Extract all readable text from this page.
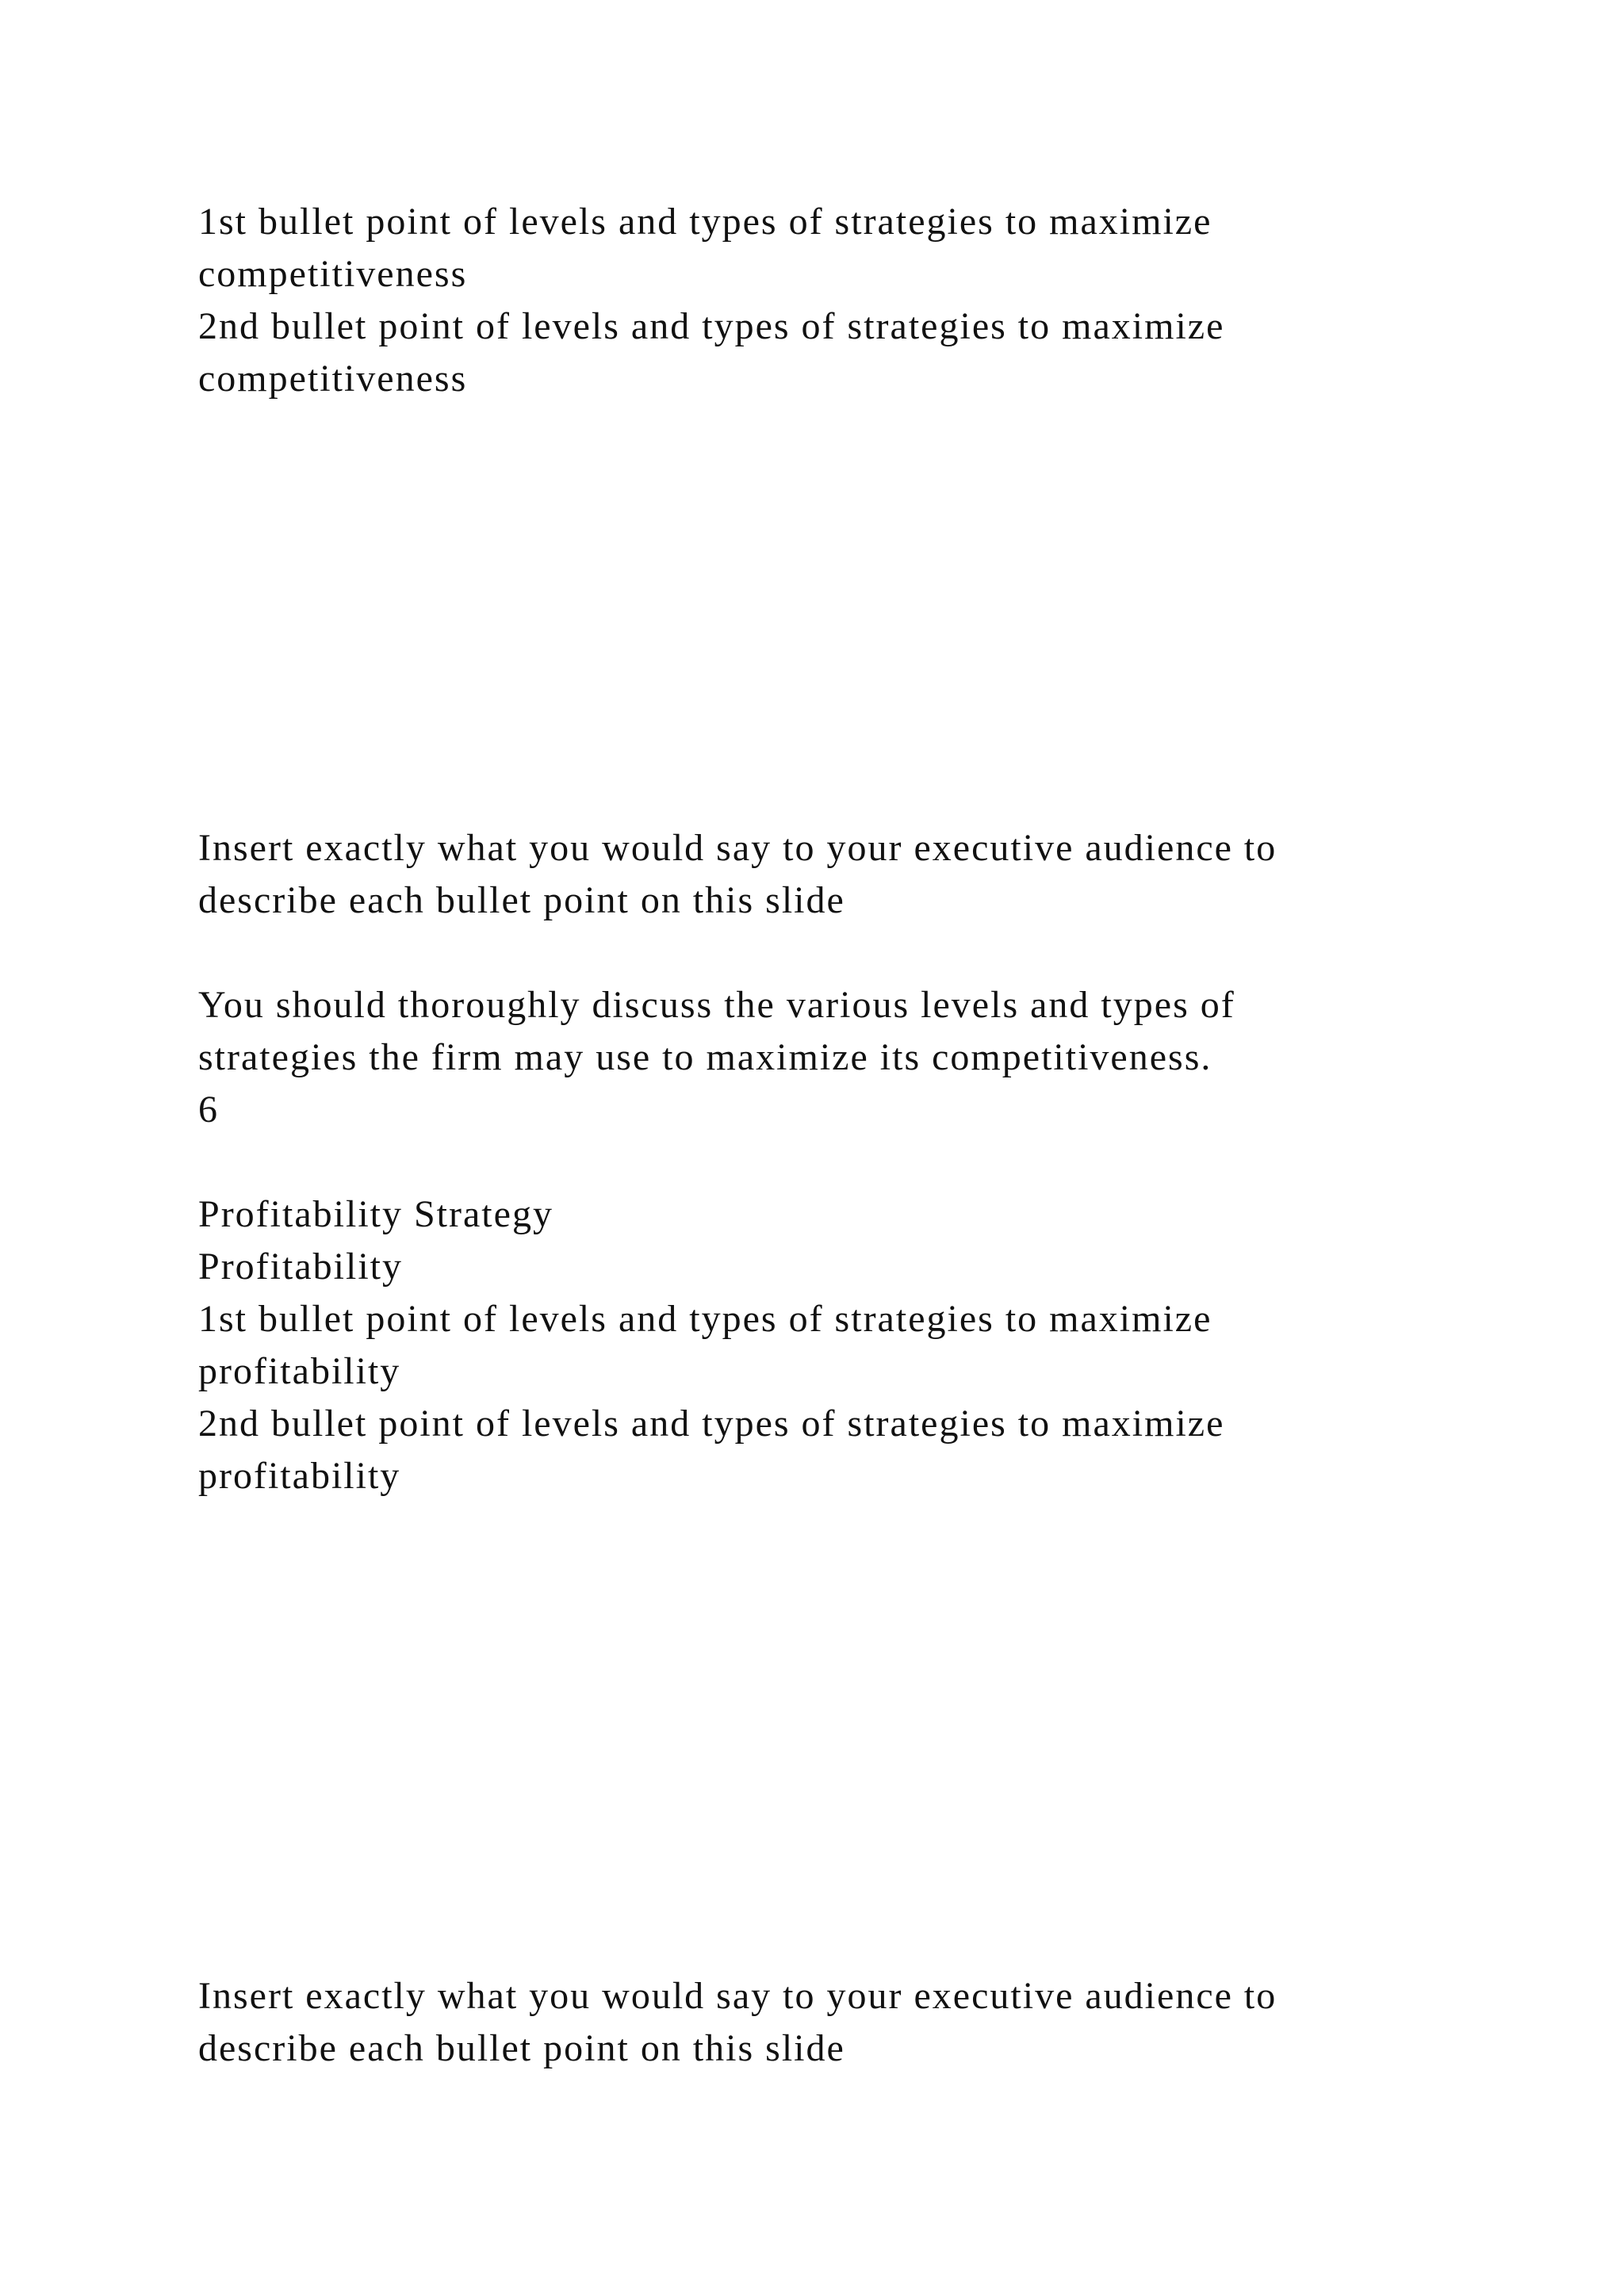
1st bullet point of levels and types of strategies to maximize
competitiveness
2nd bullet point of levels and types of strategies to maximize
competitiveness
Insert exactly what you would say to your executive audience to
describe each bullet point on this slide
You should thoroughly discuss the various levels and types of
strategies the firm may use to maximize its competitiveness.
6
Profitability Strategy
Profitability
1st bullet point of levels and types of strategies to maximize
profitability
2nd bullet point of levels and types of strategies to maximize
profitability
Insert exactly what you would say to your executive audience to
describe each bullet point on this slide
